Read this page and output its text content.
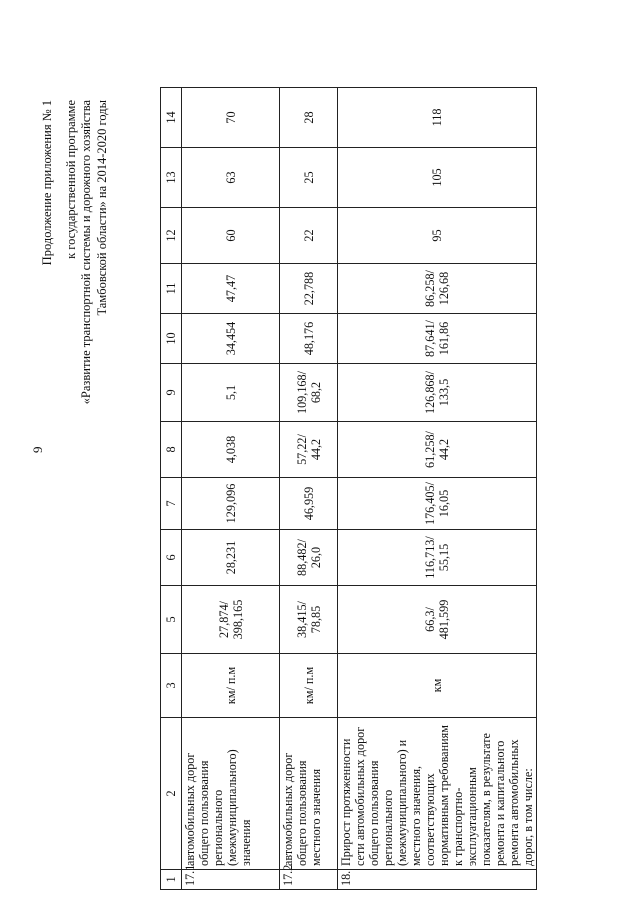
9
Продолжение приложения № 1 к государственной программе «Развитие транспортной системы и дорожного хозяйства Тамбовской области» на 2014-2020 годы
1	2	3	5	6	7	8	9	10	11	12	13	14
17.1	автомобильных дорог общего пользования регионального (межмуниципального) значения	км/ п.м	27,874/ 398,165	28,231	129,096	4,038	5,1	34,454	47,47	60	63	70
17.2	автомобильных дорог общего пользования местного значения	км/ п.м	38,415/ 78,85	88,482/ 26,0	46,959	57,22/ 44,2	109,168/ 68,2	48,176	22,788	22	25	28
18.	Прирост протяженности сети автомобильных дорог общего пользования регионального (межмуниципального) и местного значения, соответствующих нормативным требованиям к транспортно-эксплуатационным показателям, в результате ремонта и капитального ремонта автомобильных дорог, в том числе:	км	66,3/ 481,599	116,713/ 55,15	176,405/ 16,05	61,258/ 44,2	126,868/ 133,5	87,641/ 161,86	86,258/ 126,68	95	105	118
